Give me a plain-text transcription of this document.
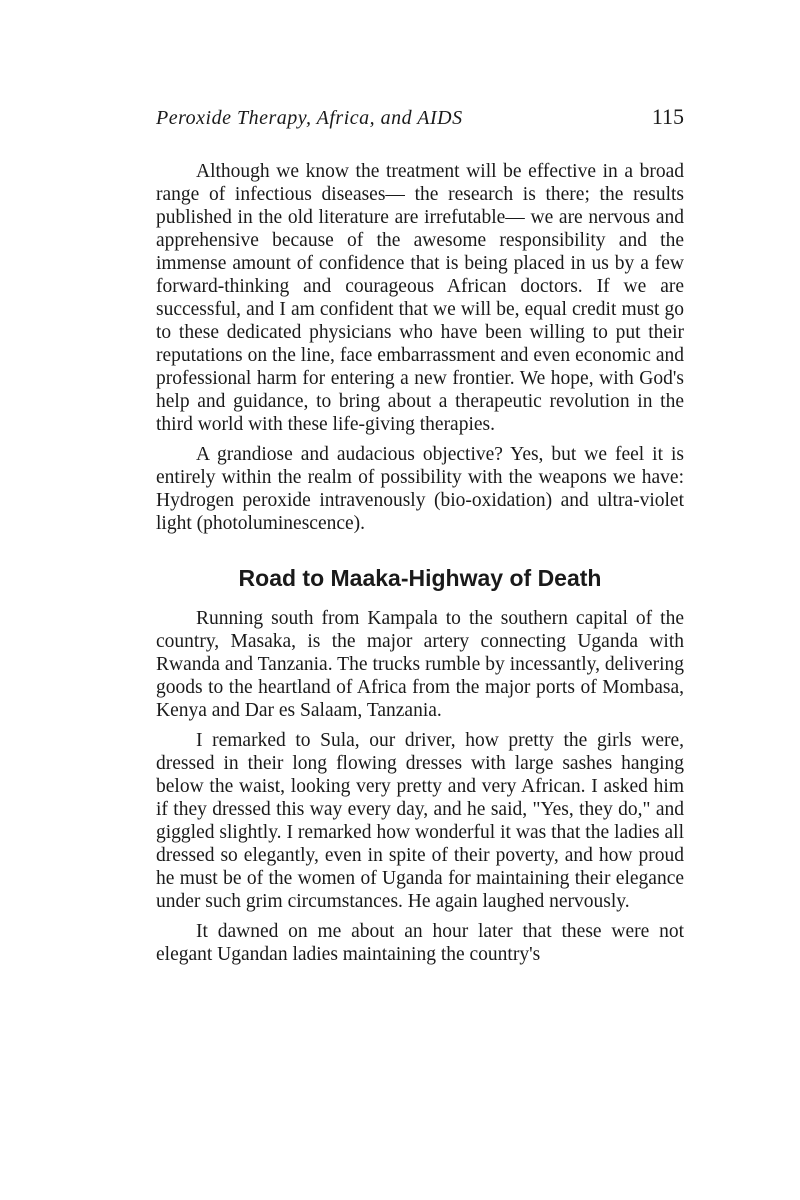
Peroxide Therapy, Africa, and AIDS	115

Although we know the treatment will be effective in a broad range of infectious diseases— the research is there; the results published in the old literature are irrefutable— we are nervous and apprehensive because of the awesome responsibility and the immense amount of confidence that is being placed in us by a few forward-thinking and courageous African doctors. If we are successful, and I am confident that we will be, equal credit must go to these dedicated physicians who have been willing to put their reputations on the line, face embarrassment and even economic and professional harm for entering a new frontier. We hope, with God's help and guidance, to bring about a therapeutic revolution in the third world with these life-giving therapies.

A grandiose and audacious objective? Yes, but we feel it is entirely within the realm of possibility with the weapons we have: Hydrogen peroxide intravenously (bio-oxidation) and ultra-violet light (photoluminescence).

Road to Maaka-Highway of Death

Running south from Kampala to the southern capital of the country, Masaka, is the major artery connecting Uganda with Rwanda and Tanzania. The trucks rumble by incessantly, delivering goods to the heartland of Africa from the major ports of Mombasa, Kenya and Dar es Salaam, Tanzania.

I remarked to Sula, our driver, how pretty the girls were, dressed in their long flowing dresses with large sashes hanging below the waist, looking very pretty and very African. I asked him if they dressed this way every day, and he said, "Yes, they do," and giggled slightly. I remarked how wonderful it was that the ladies all dressed so elegantly, even in spite of their poverty, and how proud he must be of the women of Uganda for maintaining their elegance under such grim circumstances. He again laughed nervously.

It dawned on me about an hour later that these were not elegant Ugandan ladies maintaining the country's
